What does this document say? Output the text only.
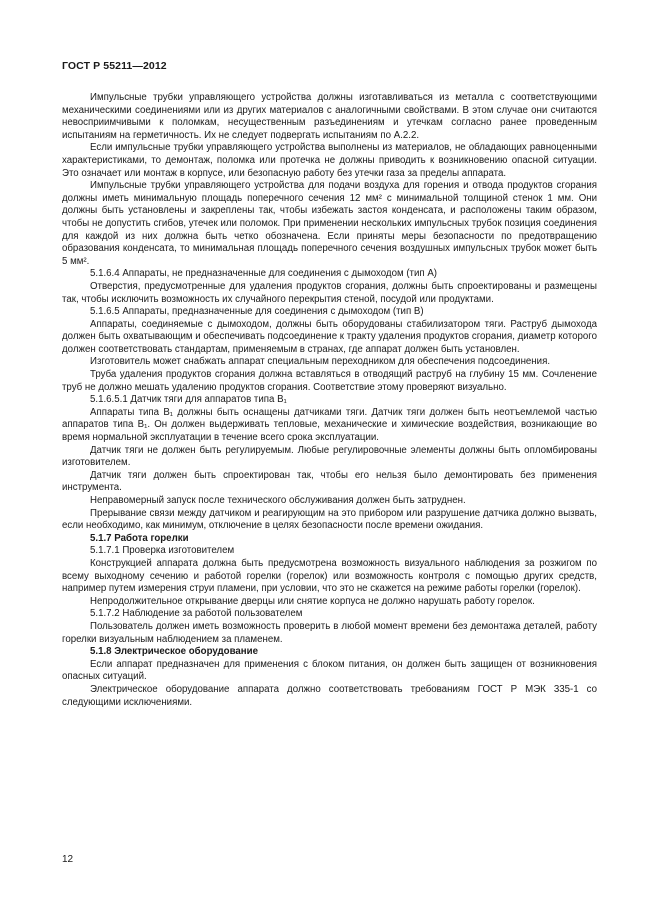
ГОСТ Р 55211—2012

Импульсные трубки управляющего устройства должны изготавливаться из металла с соответствующими механическими соединениями или из других материалов с аналогичными свойствами. В этом случае они считаются невосприимчивыми к поломкам, несущественным разъединениям и утечкам согласно ранее проведенным испытаниям на герметичность. Их не следует подвергать испытаниям по А.2.2.

Если импульсные трубки управляющего устройства выполнены из материалов, не обладающих равноценными характеристиками, то демонтаж, поломка или протечка не должны приводить к возникновению опасной ситуации. Это означает или монтаж в корпусе, или безопасную работу без утечки газа за пределы аппарата.

Импульсные трубки управляющего устройства для подачи воздуха для горения и отвода продуктов сгорания должны иметь минимальную площадь поперечного сечения 12 мм² с минимальной толщиной стенок 1 мм. Они должны быть установлены и закреплены так, чтобы избежать застоя конденсата, и расположены таким образом, чтобы не допустить сгибов, утечек или поломок. При применении нескольких импульсных трубок позиция соединения для каждой из них должна быть четко обозначена. Если приняты меры безопасности по предотвращению образования конденсата, то минимальная площадь поперечного сечения воздушных импульсных трубок может быть 5 мм².

5.1.6.4 Аппараты, не предназначенные для соединения с дымоходом (тип А)

Отверстия, предусмотренные для удаления продуктов сгорания, должны быть спроектированы и размещены так, чтобы исключить возможность их случайного перекрытия стеной, посудой или продуктами.

5.1.6.5 Аппараты, предназначенные для соединения с дымоходом (тип В)

Аппараты, соединяемые с дымоходом, должны быть оборудованы стабилизатором тяги. Раструб дымохода должен быть охватывающим и обеспечивать подсоединение к тракту удаления продуктов сгорания, диаметр которого должен соответствовать стандартам, применяемым в странах, где аппарат должен быть установлен.

Изготовитель может снабжать аппарат специальным переходником для обеспечения подсоединения.

Труба удаления продуктов сгорания должна вставляться в отводящий раструб на глубину 15 мм. Сочленение труб не должно мешать удалению продуктов сгорания. Соответствие этому проверяют визуально.

5.1.6.5.1 Датчик тяги для аппаратов типа В₁

Аппараты типа В₁ должны быть оснащены датчиками тяги. Датчик тяги должен быть неотъемлемой частью аппаратов типа В₁. Он должен выдерживать тепловые, механические и химические воздействия, возникающие во время нормальной эксплуатации в течение всего срока эксплуатации.

Датчик тяги не должен быть регулируемым. Любые регулировочные элементы должны быть опломбированы изготовителем.

Датчик тяги должен быть спроектирован так, чтобы его нельзя было демонтировать без применения инструмента.

Неправомерный запуск после технического обслуживания должен быть затруднен.

Прерывание связи между датчиком и реагирующим на это прибором или разрушение датчика должно вызвать, если необходимо, как минимум, отключение в целях безопасности после времени ожидания.

5.1.7 Работа горелки

5.1.7.1 Проверка изготовителем

Конструкцией аппарата должна быть предусмотрена возможность визуального наблюдения за розжигом по всему выходному сечению и работой горелки (горелок) или возможность контроля с помощью других средств, например путем измерения струи пламени, при условии, что это не скажется на режиме работы горелки (горелок).

Непродолжительное открывание дверцы или снятие корпуса не должно нарушать работу горелок.

5.1.7.2 Наблюдение за работой пользователем

Пользователь должен иметь возможность проверить в любой момент времени без демонтажа деталей, работу горелки визуальным наблюдением за пламенем.

5.1.8 Электрическое оборудование

Если аппарат предназначен для применения с блоком питания, он должен быть защищен от возникновения опасных ситуаций.

Электрическое оборудование аппарата должно соответствовать требованиям ГОСТ Р МЭК 335-1 со следующими исключениями.

12
